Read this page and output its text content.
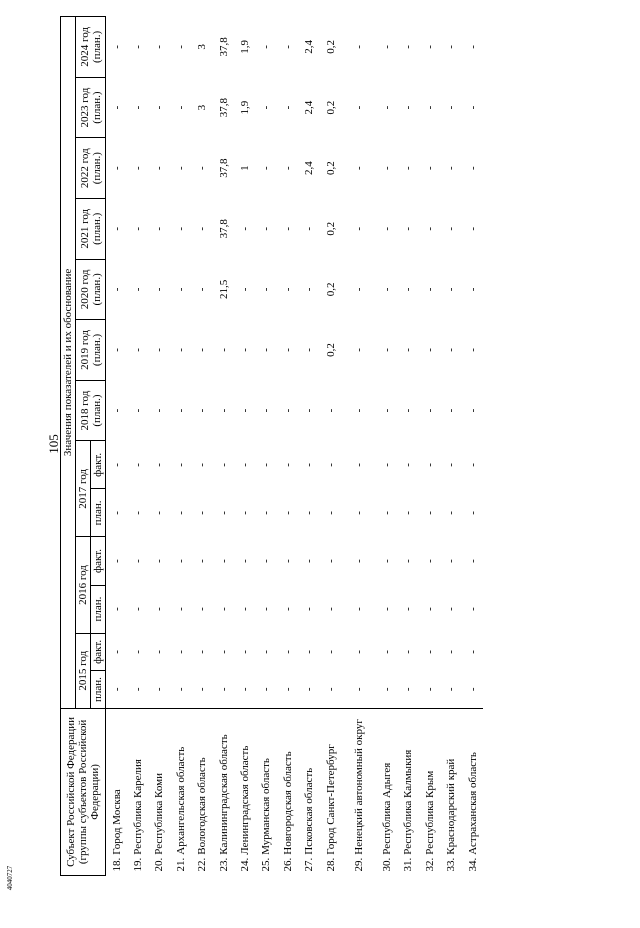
105
4040727
Субъект Российской Федерации (группы субъектов Российской Федерации)		Значения показателей и их обоснование												
		2015 год		2016 год		2017 год		2018 год (план.)	2019 год (план.)	2020 год (план.)	2021 год (план.)	2022 год (план.)	2023 год (план.)	2024 год (план.)
		план.	факт.	план.	факт.	план.	факт.							
18.	Город Москва	-	-	-	-	-	-	-	-	-	-	-	-	-
19.	Республика Карелия	-	-	-	-	-	-	-	-	-	-	-	-	-
20.	Республика Коми	-	-	-	-	-	-	-	-	-	-	-	-	-
21.	Архангельская область	-	-	-	-	-	-	-	-	-	-	-	-	-
22.	Вологодская область	-	-	-	-	-	-	-	-	-	-	-	3	3
23.	Калининградская область	-	-	-	-	-	-	-	-	21,5	37,8	37,8	37,8	37,8
24.	Ленинградская область	-	-	-	-	-	-	-	-	-	-	1	1,9	1,9
25.	Мурманская область	-	-	-	-	-	-	-	-	-	-	-	-	-
26.	Новгородская область	-	-	-	-	-	-	-	-	-	-	-	-	-
27.	Псковская область	-	-	-	-	-	-	-	-	-	-	2,4	2,4	2,4
28.	Город Санкт-Петербург	-	-	-	-	-	-	-	0,2	0,2	0,2	0,2	0,2	0,2
29.	Ненецкий автономный округ	-	-	-	-	-	-	-	-	-	-	-	-	-
30.	Республика Адыгея	-	-	-	-	-	-	-	-	-	-	-	-	-
31.	Республика Калмыкия	-	-	-	-	-	-	-	-	-	-	-	-	-
32.	Республика Крым	-	-	-	-	-	-	-	-	-	-	-	-	-
33.	Краснодарский край	-	-	-	-	-	-	-	-	-	-	-	-	-
34.	Астраханская область	-	-	-	-	-	-	-	-	-	-	-	-	-
